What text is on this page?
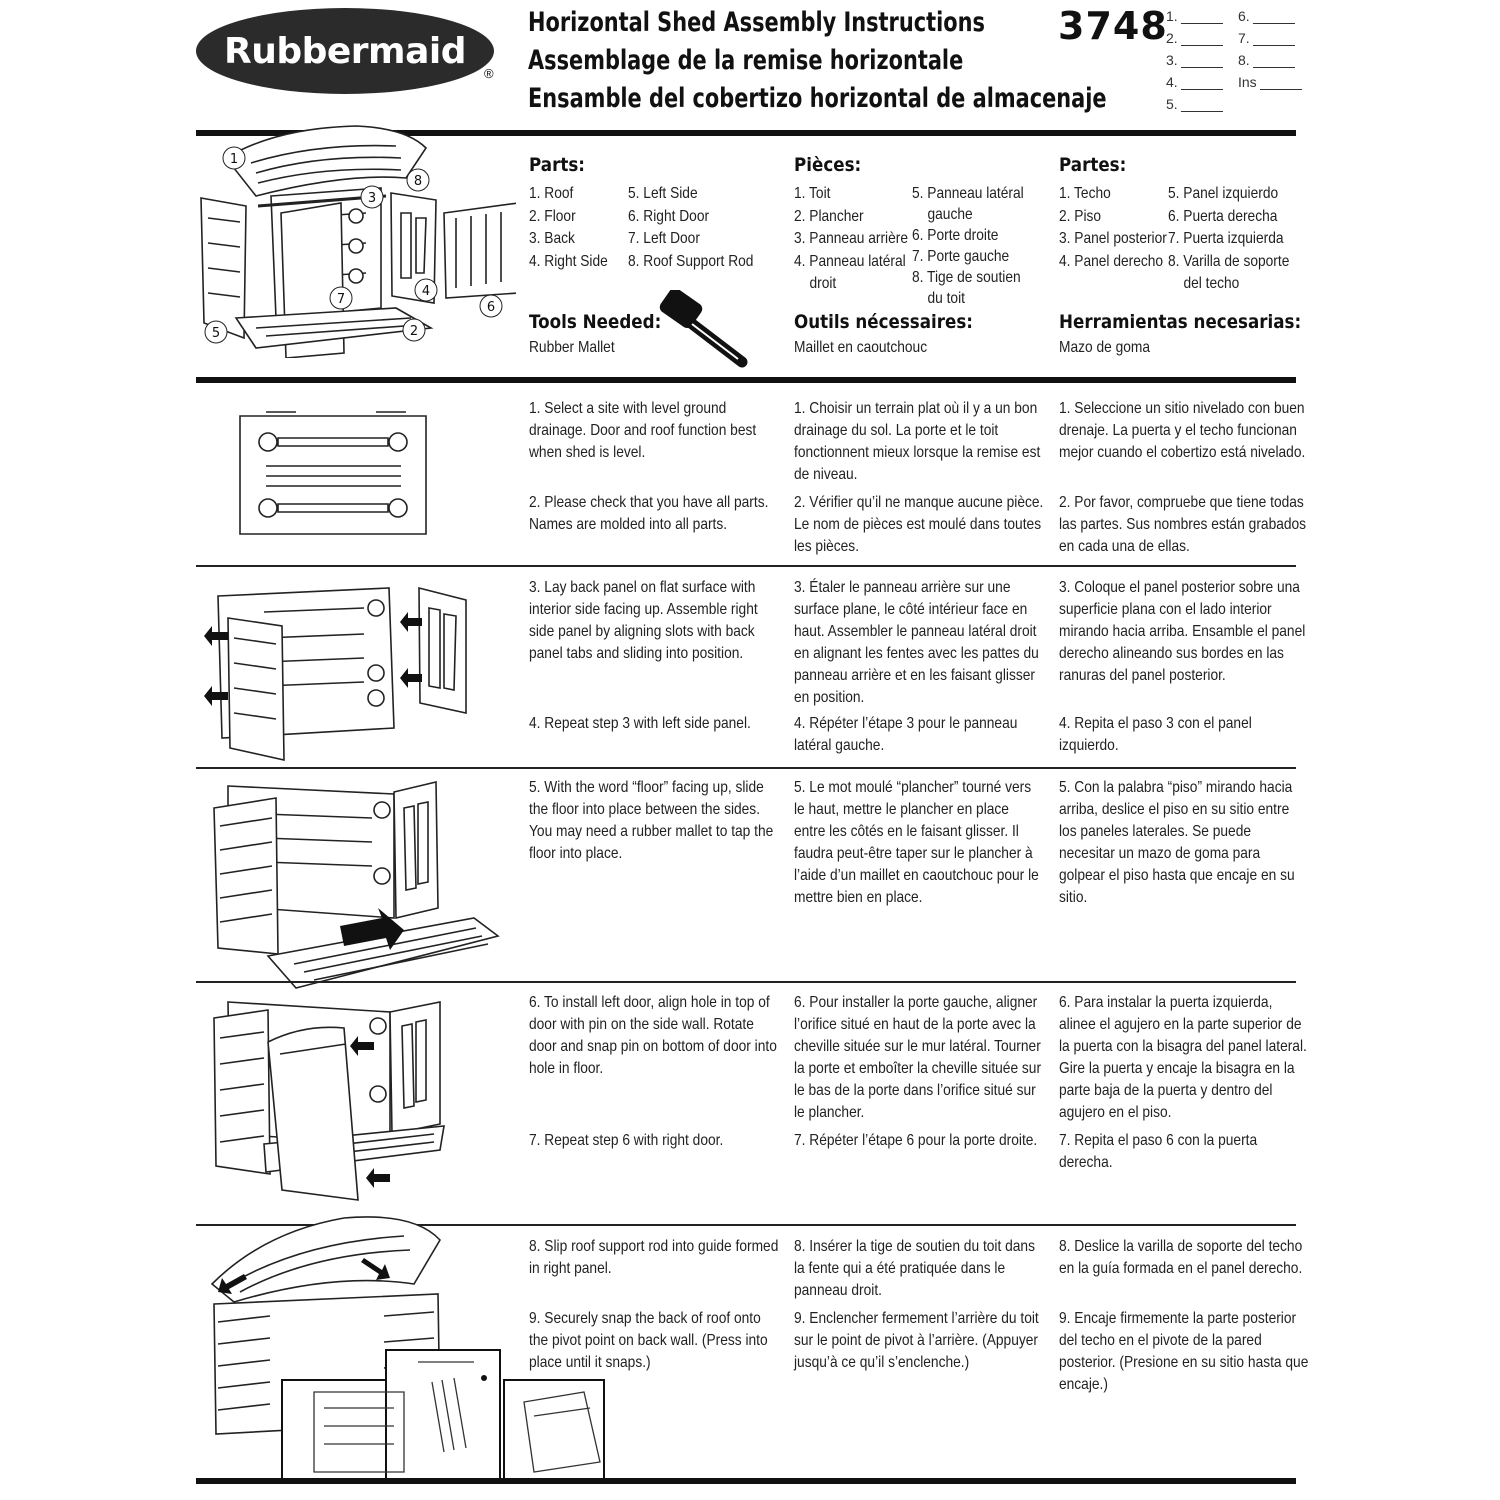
Rubbermaid
®
Horizontal Shed Assembly Instructions
Assemblage de la remise horizontale
Ensamble del cobertizo horizontal de almacenaje
3748
1.
2.
3.
4.
5.
6.
7.
8.
Ins
1
2
3
4
5
6
7
8
Parts:
1. Roof
2. Floor
3. Back
4. Right Side
5. Left Side
6. Right Door
7. Left Door
8. Roof Support Rod
Tools Needed:
Rubber Mallet
Pièces:
1. Toit
2. Plancher
3. Panneau arrière
4. Panneau latéral
droit
5. Panneau latéral
gauche
6. Porte droite
7. Porte gauche
8. Tige de soutien
du toit
Outils nécessaires:
Maillet en caoutchouc
Partes:
1. Techo
2. Piso
3. Panel posterior
4. Panel derecho
5. Panel izquierdo
6. Puerta derecha
7. Puerta izquierda
8. Varilla de soporte
del techo
Herramientas necesarias:
Mazo de goma

1. Select a site with level ground drainage. Door and roof function best when shed is level.

2. Please check that you have all parts. Names are molded into all parts.

1. Choisir un terrain plat où il y a un bon drainage du sol. La porte et le toit fonctionnent mieux lorsque la remise est de niveau.

2. Vérifier qu’il ne manque aucune pièce. Le nom de pièces est moulé dans toutes les pièces.

1. Seleccione un sitio nivelado con buen drenaje. La puerta y el techo funcionan mejor cuando el cobertizo está nivelado.

2. Por favor, compruebe que tiene todas las partes. Sus nombres están grabados en cada una de ellas.

3. Lay back panel on flat surface with interior side facing up. Assemble right side panel by aligning slots with back panel tabs and sliding into position.

4. Repeat step 3 with left side panel.

3. Étaler le panneau arrière sur une surface plane, le côté intérieur face en haut. Assembler le panneau latéral droit en alignant les fentes avec les pattes du panneau arrière et en les faisant glisser en position.

4. Répéter l’étape 3 pour le panneau latéral gauche.

3. Coloque el panel posterior sobre una superficie plana con el lado interior mirando hacia arriba. Ensamble el panel derecho alineando sus bordes en las ranuras del panel posterior.

4. Repita el paso 3 con el panel izquierdo.

5. With the word “floor” facing up, slide the floor into place between the sides. You may need a rubber mallet to tap the floor into place.

5. Le mot moulé “plancher” tourné vers le haut, mettre le plancher en place entre les côtés en le faisant glisser. Il faudra peut-être taper sur le plancher à l’aide d’un maillet en caoutchouc pour le mettre bien en place.

5. Con la palabra “piso” mirando hacia arriba, deslice el piso en su sitio entre los paneles laterales. Se puede necesitar un mazo de goma para golpear el piso hasta que encaje en su sitio.

6. To install left door, align hole in top of door with pin on the side wall. Rotate door and snap pin on bottom of door into hole in floor.

7. Repeat step 6 with right door.

6. Pour installer la porte gauche, aligner l’orifice situé en haut de la porte avec la cheville située sur le mur latéral. Tourner la porte et emboîter la cheville située sur le bas de la porte dans l’orifice situé sur le plancher.

7. Répéter l’étape 6 pour la porte droite.

6. Para instalar la puerta izquierda, alinee el agujero en la parte superior de la puerta con la bisagra del panel lateral. Gire la puerta y encaje la bisagra en la parte baja de la puerta y dentro del agujero en el piso.

7. Repita el paso 6 con la puerta derecha.

8. Slip roof support rod into guide formed in right panel.

9. Securely snap the back of roof onto the pivot point on back wall. (Press into place until it snaps.)

8. Insérer la tige de soutien du toit dans la fente qui a été pratiquée dans le panneau droit.

9. Enclencher fermement l’arrière du toit sur le point de pivot à l’arrière. (Appuyer jusqu’à ce qu’il s’enclenche.)

8. Deslice la varilla de soporte del techo en la guía formada en el panel derecho.

9. Encaje firmemente la parte posterior del techo en el pivote de la pared posterior. (Presione en su sitio hasta que encaje.)
